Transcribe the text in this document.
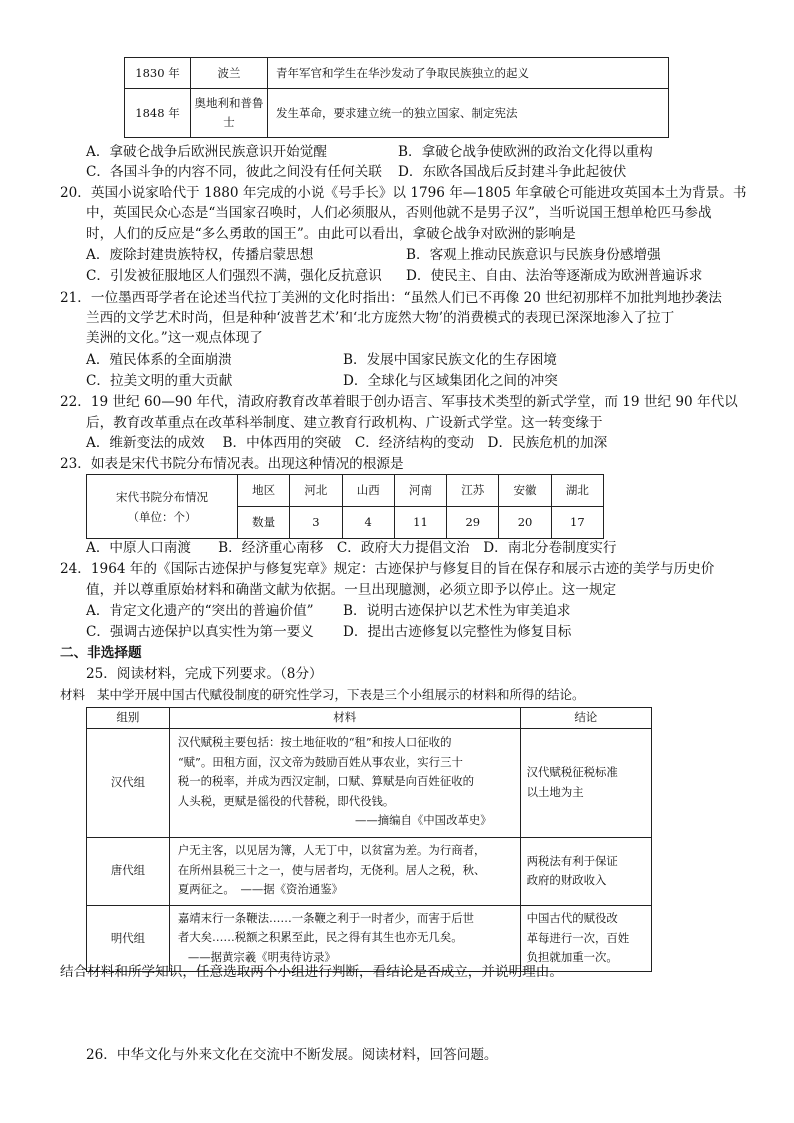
1830 年	波兰	青年军官和学生在华沙发动了争取民族独立的起义
1848 年	奥地利和普鲁士	发生革命，要求建立统一的独立国家、制定宪法
A．拿破仑战争后欧洲民族意识开始觉醒	B．拿破仑战争使欧洲的政治文化得以重构
C．各国斗争的内容不同，彼此之间没有任何关联 D．东欧各国战后反封建斗争此起彼伏
20．英国小说家哈代于 1880 年完成的小说《号手长》以 1796 年—1805 年拿破仑可能进攻英国本土为背景。书
中，英国民众心态是“当国家召唤时，人们必须服从，否则他就不是男子汉”，当听说国王想单枪匹马参战
时，人们的反应是“多么勇敢的国王”。由此可以看出，拿破仑战争对欧洲的影响是
A．废除封建贵族特权，传播启蒙思想	B．客观上推动民族意识与民族身份感增强
C．引发被征服地区人们强烈不满，强化反抗意识 D．使民主、自由、法治等逐渐成为欧洲普遍诉求
21．一位墨西哥学者在论述当代拉丁美洲的文化时指出：“虽然人们已不再像 20 世纪初那样不加批判地抄袭法
兰西的文学艺术时尚，但是种种‘波普艺术’和‘北方庞然大物’的消费模式的表现已深深地渗入了拉丁
美洲的文化。”这一观点体现了
A．殖民体系的全面崩溃	B．发展中国家民族文化的生存困境
C．拉美文明的重大贡献	D．全球化与区域集团化之间的冲突
22．19 世纪 60—90 年代，清政府教育改革着眼于创办语言、军事技术类型的新式学堂，而 19 世纪 90 年代以
后，教育改革重点在改革科举制度、建立教育行政机构、广设新式学堂。这一转变缘于
A．维新变法的成效　 B．中体西用的突破　C．经济结构的变动　D．民族危机的加深
23．如表是宋代书院分布情况表。出现这种情况的根源是
宋代书院分布情况
（单位：个）	地区	河北	山西	河南	江苏	安徽	湖北
	数量	3	4	11	29	20	17
A．中原人口南渡　　B．经济重心南移　C．政府大力提倡文治　D．南北分卷制度实行
24．1964 年的《国际古迹保护与修复宪章》规定：古迹保护与修复目的旨在保存和展示古迹的美学与历史价
值，并以尊重原始材料和确凿文献为依据。一旦出现臆测，必须立即予以停止。这一规定
A．肯定文化遗产的“突出的普遍价值” B．说明古迹保护以艺术性为审美追求
C．强调古迹保护以真实性为第一要义 D．提出古迹修复以完整性为修复目标
二、非选择题
25．阅读材料，完成下列要求。（8分）
材料 某中学开展中国古代赋役制度的研究性学习，下表是三个小组展示的材料和所得的结论。
组别	材料	结论
汉代组	汉代赋税主要包括：按土地征收的“租”和按人口征收的
“赋”。田租方面，汉文帝为鼓励百姓从事农业，实行三十
税一的税率，并成为西汉定制，口赋、算赋是向百姓征收的
人头税，更赋是徭役的代替税，即代役钱。
——摘编自《中国改革史》	汉代赋税征税标准
以土地为主
唐代组	户无主客，以见居为簿，人无丁中，以贫富为差。为行商者，
在所州县税三十之一，使与居者均，无侥利。居人之税，秋、
夏两征之。　——据《资治通鉴》	两税法有利于保证
政府的财政收入
明代组	嘉靖末行一条鞭法……一条鞭之利于一时者少，而害于后世
者大矣……税额之积累至此，民之得有其生也亦无几矣。
——据黄宗羲《明夷待访录》	中国古代的赋役改
革每进行一次，百姓
负担就加重一次。
结合材料和所学知识，任意选取两个小组进行判断，看结论是否成立，并说明理由。
26．中华文化与外来文化在交流中不断发展。阅读材料，回答问题。
